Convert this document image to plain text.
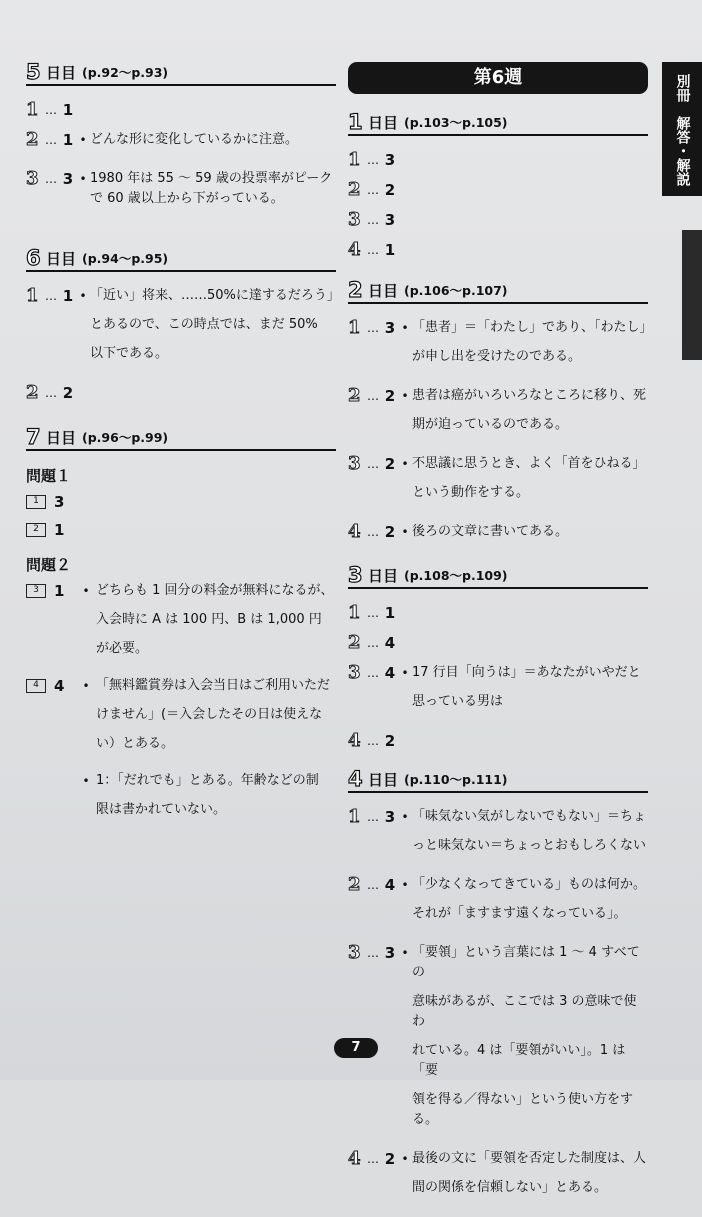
5 日目 (p.92～p.93)
1 … 1
2 … 1 • どんな形に変化しているかに注意。

3 … 3 • 1980 年は 55 ～ 59 歳の投票率がピーク

で 60 歳以上から下がっている。

6 日目 (p.94～p.95)
1 … 1 • 「近い」将来、……50%に達するだろう」

とあるので、この時点では、まだ 50%

以下である。

2 … 2
7 日目 (p.96～p.99)
問題１
1	3
2	1
問題２
3	1	• どちらも 1 回分の料金が無料になるが、

入会時に A は 100 円、B は 1,000 円

が必要。

4	4	• 「無料鑑賞券は入会当日はご利用いただ

けません」(＝入会したその日は使えな

い）とある。

• 1：「だれでも」とある。年齢などの制

限は書かれていない。

第6週
1 日目 (p.103～p.105)
1 … 3
2 … 2
3 … 3
4 … 1
2 日目 (p.106～p.107)
1 … 3 • 「患者」＝「わたし」であり、「わたし」

が申し出を受けたのである。

2 … 2 • 患者は癌がいろいろなところに移り、死

期が迫っているのである。

3 … 2 • 不思議に思うとき、よく「首をひねる」

という動作をする。

4 … 2 • 後ろの文章に書いてある。

3 日目 (p.108～p.109)
1 … 1
2 … 4
3 … 4 • 17 行目「向うは」＝あなたがいやだと

思っている男は

4 … 2
4 日目 (p.110～p.111)
1 … 3 • 「味気ない気がしないでもない」＝ちょ

っと味気ない＝ちょっとおもしろくない

2 … 4 • 「少なくなってきている」ものは何か。

それが「ますます遠くなっている」。

3 … 3 • 「要領」という言葉には 1 ～ 4 すべての

意味があるが、ここでは 3 の意味で使わ

れている。4 は「要領がいい」。1 は「要

領を得る／得ない」という使い方をする。

4 … 2 • 最後の文に「要領を否定した制度は、人

間の関係を信頼しない」とある。

別冊
解答・解説
7
